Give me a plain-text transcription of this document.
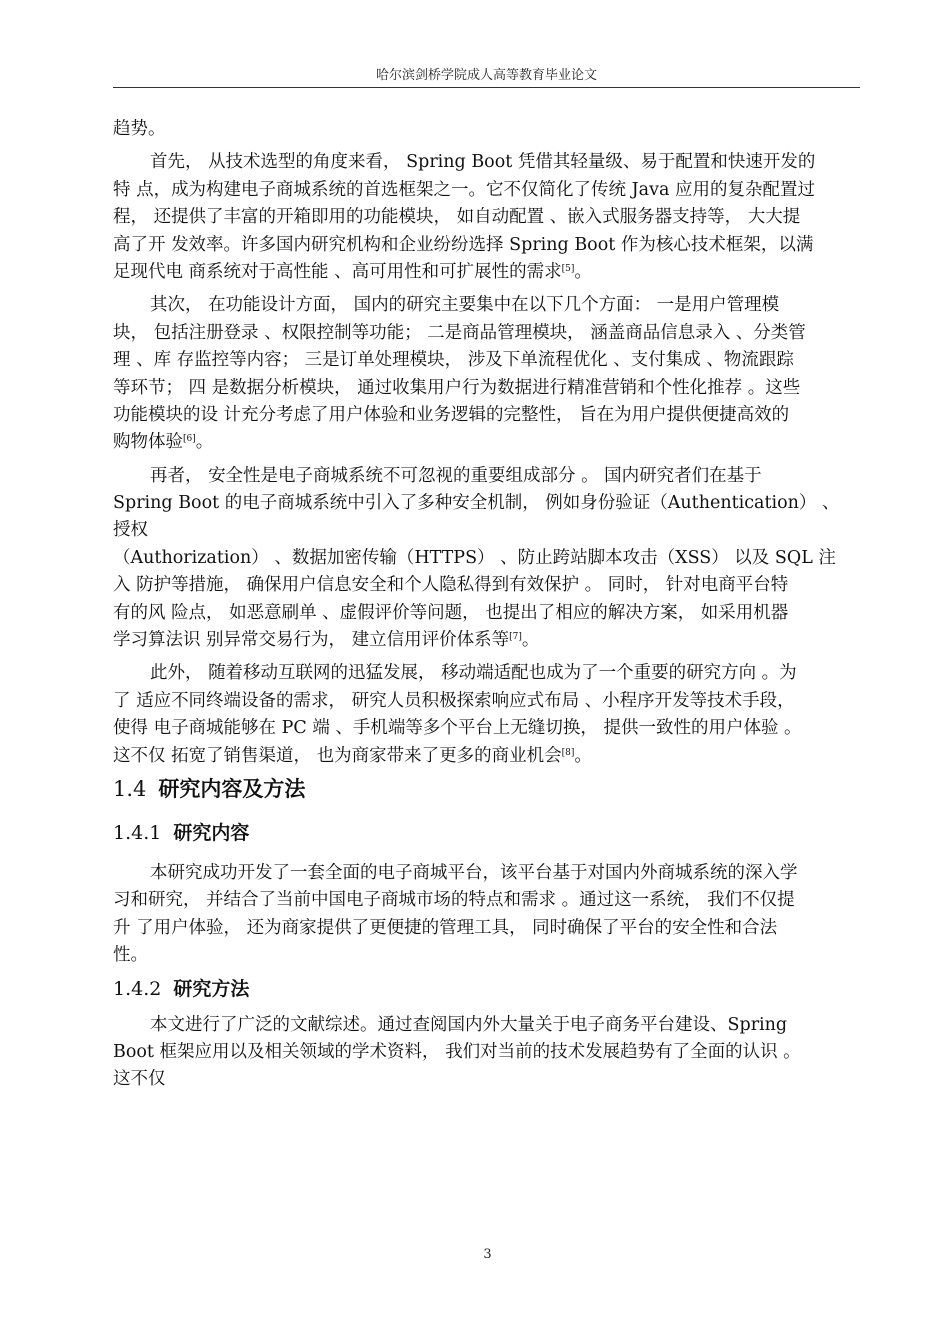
哈尔滨剑桥学院成人高等教育毕业论文
趋势。
首先， 从技术选型的角度来看， Spring Boot 凭借其轻量级、易于配置和快速开发的
特 点，成为构建电子商城系统的首选框架之一。它不仅简化了传统 Java 应用的复杂配置过
程， 还提供了丰富的开箱即用的功能模块， 如自动配置 、嵌入式服务器支持等， 大大提
高了开 发效率。许多国内研究机构和企业纷纷选择 Spring Boot 作为核心技术框架，以满
足现代电 商系统对于高性能 、高可用性和可扩展性的需求[5]。
其次， 在功能设计方面， 国内的研究主要集中在以下几个方面： 一是用户管理模
块， 包括注册登录 、权限控制等功能； 二是商品管理模块， 涵盖商品信息录入 、分类管
理 、库 存监控等内容； 三是订单处理模块， 涉及下单流程优化 、支付集成 、物流跟踪
等环节； 四 是数据分析模块， 通过收集用户行为数据进行精准营销和个性化推荐 。这些
功能模块的设 计充分考虑了用户体验和业务逻辑的完整性， 旨在为用户提供便捷高效的
购物体验[6]。
再者， 安全性是电子商城系统不可忽视的重要组成部分 。 国内研究者们在基于
Spring Boot 的电子商城系统中引入了多种安全机制， 例如身份验证（Authentication） 、
授权
（Authorization） 、数据加密传输（HTTPS） 、防止跨站脚本攻击（XSS） 以及 SQL 注
入 防护等措施， 确保用户信息安全和个人隐私得到有效保护 。 同时， 针对电商平台特
有的风 险点， 如恶意刷单 、虚假评价等问题， 也提出了相应的解决方案， 如采用机器
学习算法识 别异常交易行为， 建立信用评价体系等[7]。
此外， 随着移动互联网的迅猛发展， 移动端适配也成为了一个重要的研究方向 。为
了 适应不同终端设备的需求， 研究人员积极探索响应式布局 、小程序开发等技术手段，
使得 电子商城能够在 PC 端 、手机端等多个平台上无缝切换， 提供一致性的用户体验 。
这不仅 拓宽了销售渠道， 也为商家带来了更多的商业机会[8]。
1.4 研究内容及方法
1.4.1 研究内容
本研究成功开发了一套全面的电子商城平台，该平台基于对国内外商城系统的深入学
习和研究， 并结合了当前中国电子商城市场的特点和需求 。通过这一系统， 我们不仅提
升 了用户体验， 还为商家提供了更便捷的管理工具， 同时确保了平台的安全性和合法
性。
1.4.2 研究方法
本文进行了广泛的文献综述。通过查阅国内外大量关于电子商务平台建设、Spring
Boot 框架应用以及相关领域的学术资料， 我们对当前的技术发展趋势有了全面的认识 。
这不仅
3
